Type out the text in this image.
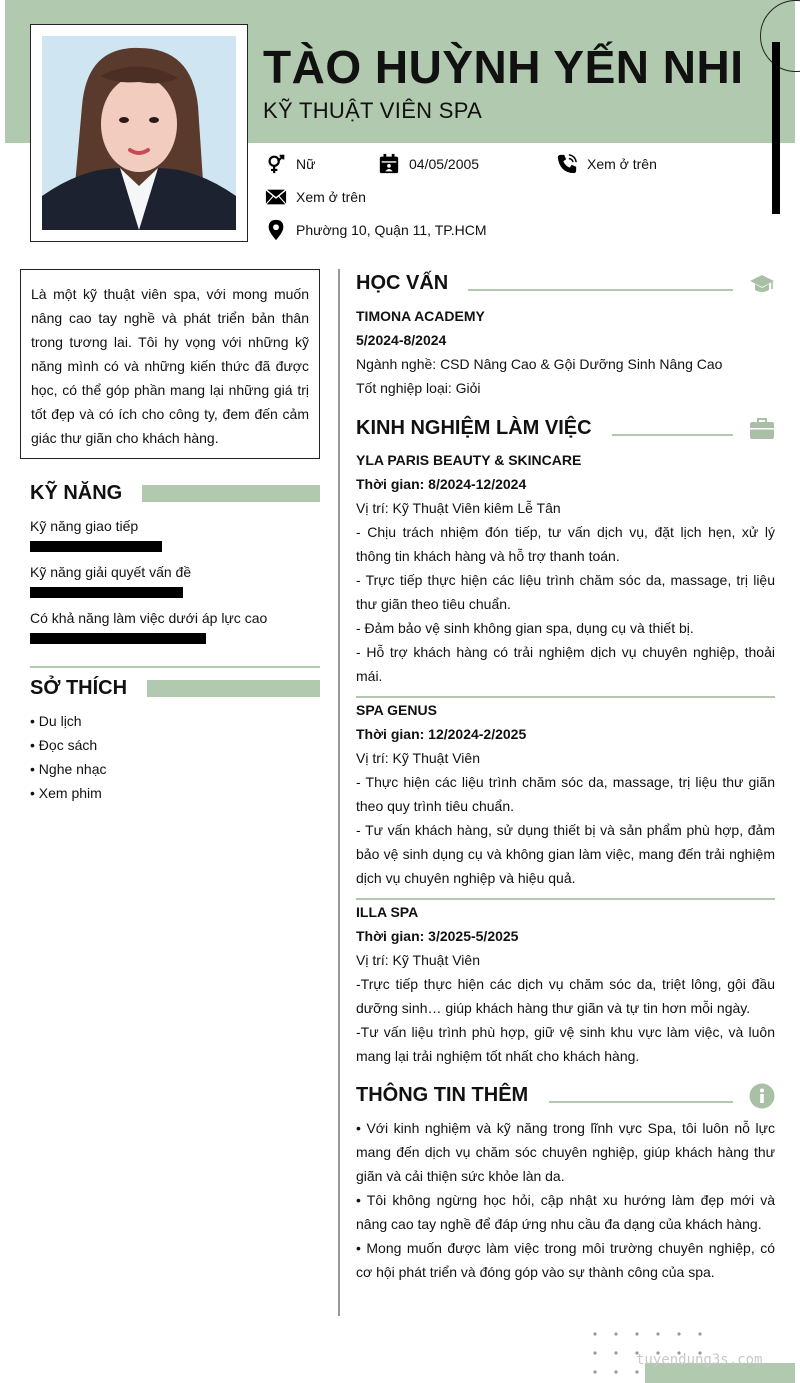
TÀO HUỲNH YẾN NHI
KỸ THUẬT VIÊN SPA
Nữ	04/05/2005	Xem ở trên
Xem ở trên
Phường 10, Quận 11, TP.HCM
Là một kỹ thuật viên spa, với mong muốn nâng cao tay nghề và phát triển bản thân trong tương lai. Tôi hy vọng với những kỹ năng mình có và những kiến thức đã được học, có thể góp phần mang lại những giá trị tốt đẹp và có ích cho công ty, đem đến cảm giác thư giãn cho khách hàng.
KỸ NĂNG
Kỹ năng giao tiếp
Kỹ năng giải quyết vấn đề
Có khả năng làm việc dưới áp lực cao
SỞ THÍCH
• Du lịch
• Đọc sách
• Nghe nhạc
• Xem phim
HỌC VẤN
TIMONA ACADEMY
5/2024-8/2024
Ngành nghề: CSD Nâng Cao & Gội Dưỡng Sinh Nâng Cao
Tốt nghiệp loại: Giỏi
KINH NGHIỆM LÀM VIỆC
YLA PARIS BEAUTY & SKINCARE
Thời gian: 8/2024-12/2024
Vị trí: Kỹ Thuật Viên kiêm Lễ Tân
- Chịu trách nhiệm đón tiếp, tư vấn dịch vụ, đặt lịch hẹn, xử lý thông tin khách hàng và hỗ trợ thanh toán.
- Trực tiếp thực hiện các liệu trình chăm sóc da, massage, trị liệu thư giãn theo tiêu chuẩn.
- Đảm bảo vệ sinh không gian spa, dụng cụ và thiết bị.
- Hỗ trợ khách hàng có trải nghiệm dịch vụ chuyên nghiệp, thoải mái.
SPA GENUS
Thời gian: 12/2024-2/2025
Vị trí: Kỹ Thuật Viên
- Thực hiện các liệu trình chăm sóc da, massage, trị liệu thư giãn theo quy trình tiêu chuẩn.
- Tư vấn khách hàng, sử dụng thiết bị và sản phẩm phù hợp, đảm bảo vệ sinh dụng cụ và không gian làm việc, mang đến trải nghiệm dịch vụ chuyên nghiệp và hiệu quả.
ILLA SPA
Thời gian: 3/2025-5/2025
Vị trí: Kỹ Thuật Viên
-Trực tiếp thực hiện các dịch vụ chăm sóc da, triệt lông, gội đầu dưỡng sinh… giúp khách hàng thư giãn và tự tin hơn mỗi ngày.
-Tư vấn liệu trình phù hợp, giữ vệ sinh khu vực làm việc, và luôn mang lại trải nghiệm tốt nhất cho khách hàng.
THÔNG TIN THÊM
• Với kinh nghiệm và kỹ năng trong lĩnh vực Spa, tôi luôn nỗ lực mang đến dịch vụ chăm sóc chuyên nghiệp, giúp khách hàng thư giãn và cải thiện sức khỏe làn da.
• Tôi không ngừng học hỏi, cập nhật xu hướng làm đẹp mới và nâng cao tay nghề để đáp ứng nhu cầu đa dạng của khách hàng.
• Mong muốn được làm việc trong môi trường chuyên nghiệp, có cơ hội phát triển và đóng góp vào sự thành công của spa.
tuyendung3s.com
